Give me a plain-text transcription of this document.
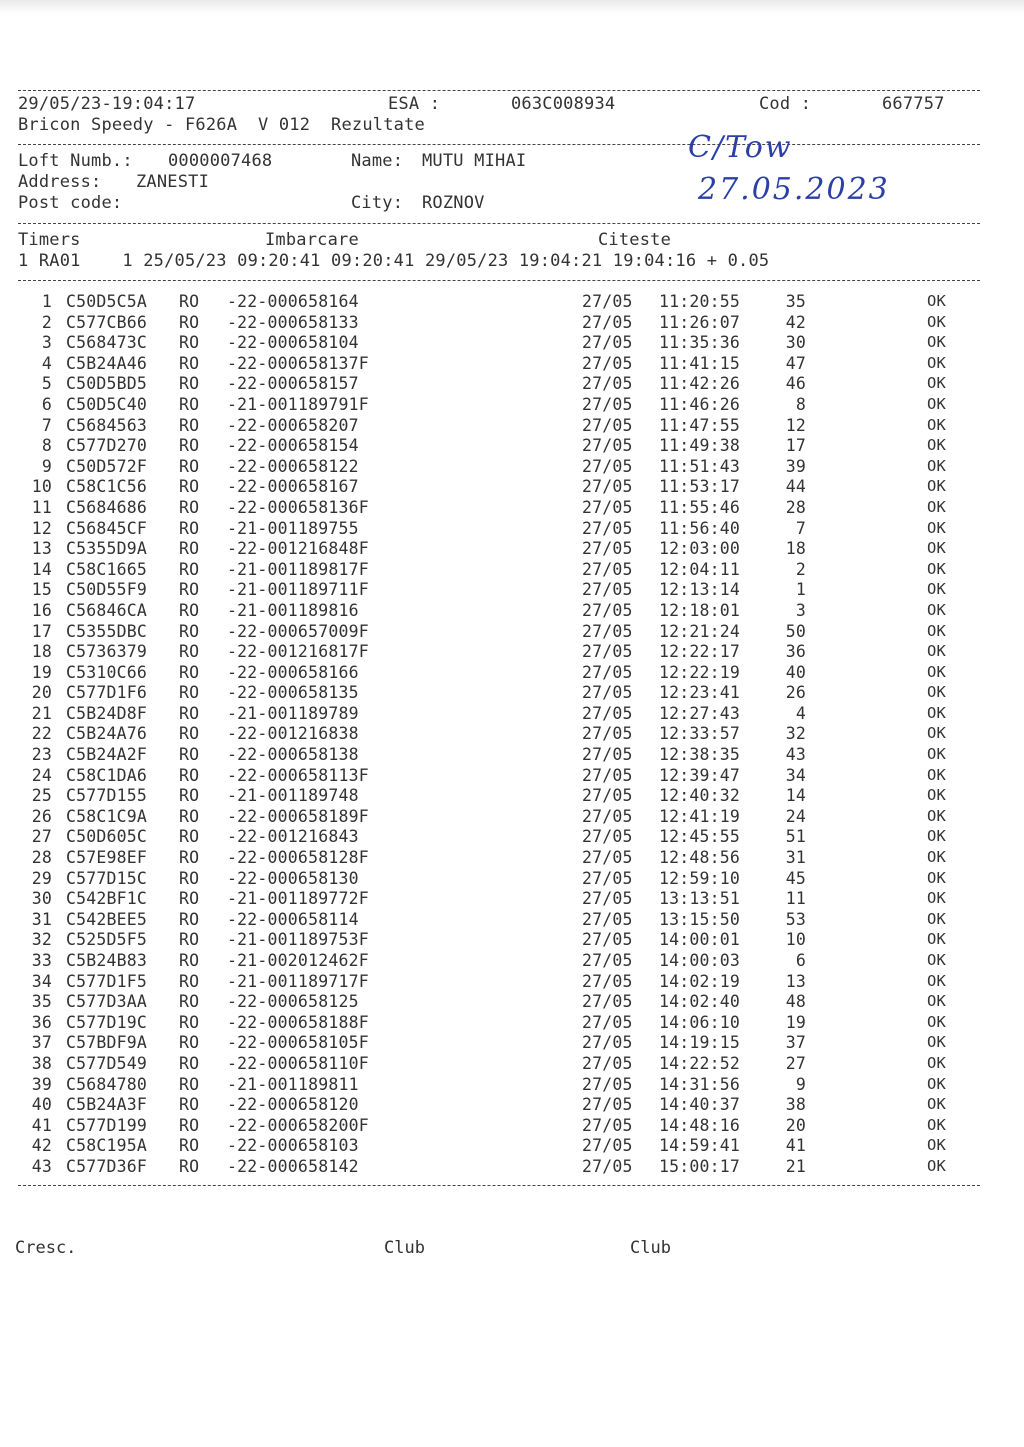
29/05/23-19:04:17

	ESA :

	063C008934

	Cod :

	667757

Bricon Speedy - F626A  V 012  Rezultate

Loft Numb.:

0000007468

	Name:

MUTU MIHAI

Address:

ZANESTI

Post code:

	City:

ROZNOV

C/Tow
27.05.2023

Timers

	Imbarcare

	Citeste

1 RA01    1 25/05/23 09:20:41 09:20:41 29/05/23 19:04:21 19:04:16 + 0.05

1 C50D5C5A RO -22-000658164	27/05 11:20:55	35	OK
2 C577CB66 RO -22-000658133	27/05 11:26:07	42	OK
3 C568473C RO -22-000658104	27/05 11:35:36	30	OK
4 C5B24A46 RO -22-000658137F	27/05 11:41:15	47	OK
5 C50D5BD5 RO -22-000658157	27/05 11:42:26	46	OK
6 C50D5C40 RO -21-001189791F	27/05 11:46:26	8	OK
7 C5684563 RO -22-000658207	27/05 11:47:55	12	OK
8 C577D270 RO -22-000658154	27/05 11:49:38	17	OK
9 C50D572F RO -22-000658122	27/05 11:51:43	39	OK
10 C58C1C56 RO -22-000658167	27/05 11:53:17	44	OK
11 C5684686 RO -22-000658136F	27/05 11:55:46	28	OK
12 C56845CF RO -21-001189755	27/05 11:56:40	7	OK
13 C5355D9A RO -22-001216848F	27/05 12:03:00	18	OK
14 C58C1665 RO -21-001189817F	27/05 12:04:11	2	OK
15 C50D55F9 RO -21-001189711F	27/05 12:13:14	1	OK
16 C56846CA RO -21-001189816	27/05 12:18:01	3	OK
17 C5355DBC RO -22-000657009F	27/05 12:21:24	50	OK
18 C5736379 RO -22-001216817F	27/05 12:22:17	36	OK
19 C5310C66 RO -22-000658166	27/05 12:22:19	40	OK
20 C577D1F6 RO -22-000658135	27/05 12:23:41	26	OK
21 C5B24D8F RO -21-001189789	27/05 12:27:43	4	OK
22 C5B24A76 RO -22-001216838	27/05 12:33:57	32	OK
23 C5B24A2F RO -22-000658138	27/05 12:38:35	43	OK
24 C58C1DA6 RO -22-000658113F	27/05 12:39:47	34	OK
25 C577D155 RO -21-001189748	27/05 12:40:32	14	OK
26 C58C1C9A RO -22-000658189F	27/05 12:41:19	24	OK
27 C50D605C RO -22-001216843	27/05 12:45:55	51	OK
28 C57E98EF RO -22-000658128F	27/05 12:48:56	31	OK
29 C577D15C RO -22-000658130	27/05 12:59:10	45	OK
30 C542BF1C RO -21-001189772F	27/05 13:13:51	11	OK
31 C542BEE5 RO -22-000658114	27/05 13:15:50	53	OK
32 C525D5F5 RO -21-001189753F	27/05 14:00:01	10	OK
33 C5B24B83 RO -21-002012462F	27/05 14:00:03	6	OK
34 C577D1F5 RO -21-001189717F	27/05 14:02:19	13	OK
35 C577D3AA RO -22-000658125	27/05 14:02:40	48	OK
36 C577D19C RO -22-000658188F	27/05 14:06:10	19	OK
37 C57BDF9A RO -22-000658105F	27/05 14:19:15	37	OK
38 C577D549 RO -22-000658110F	27/05 14:22:52	27	OK
39 C5684780 RO -21-001189811	27/05 14:31:56	9	OK
40 C5B24A3F RO -22-000658120	27/05 14:40:37	38	OK
41 C577D199 RO -22-000658200F	27/05 14:48:16	20	OK
42 C58C195A RO -22-000658103	27/05 14:59:41	41	OK
43 C577D36F RO -22-000658142	27/05 15:00:17	21	OK
Cresc.	Club	Club
